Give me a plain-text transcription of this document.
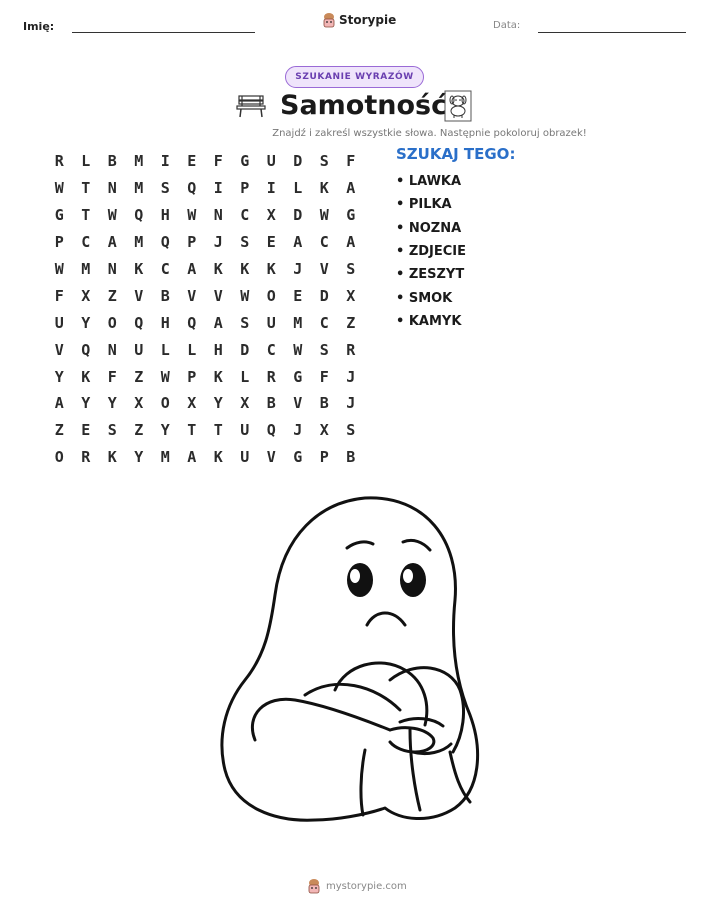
Imię:	Storypie	Data:
SZUKANIE WYRAZÓW
Samotność

Znajdź i zakreśl wszystkie słowa. Następnie pokoloruj obrazek!

R	L	B	M	I	E	F	G	U	D	S	F
W	T	N	M	S	Q	I	P	I	L	K	A
G	T	W	Q	H	W	N	C	X	D	W	G
P	C	A	M	Q	P	J	S	E	A	C	A
W	M	N	K	C	A	K	K	K	J	V	S
F	X	Z	V	B	V	V	W	O	E	D	X
U	Y	O	Q	H	Q	A	S	U	M	C	Z
V	Q	N	U	L	L	H	D	C	W	S	R
Y	K	F	Z	W	P	K	L	R	G	F	J
A	Y	Y	X	O	X	Y	X	B	V	B	J
Z	E	S	Z	Y	T	T	U	Q	J	X	S
O	R	K	Y	M	A	K	U	V	G	P	B
SZUKAJ TEGO:
• LAWKA
• PILKA
• NOZNA
• ZDJECIE
• ZESZYT
• SMOK
• KAMYK
mystorypie.com
